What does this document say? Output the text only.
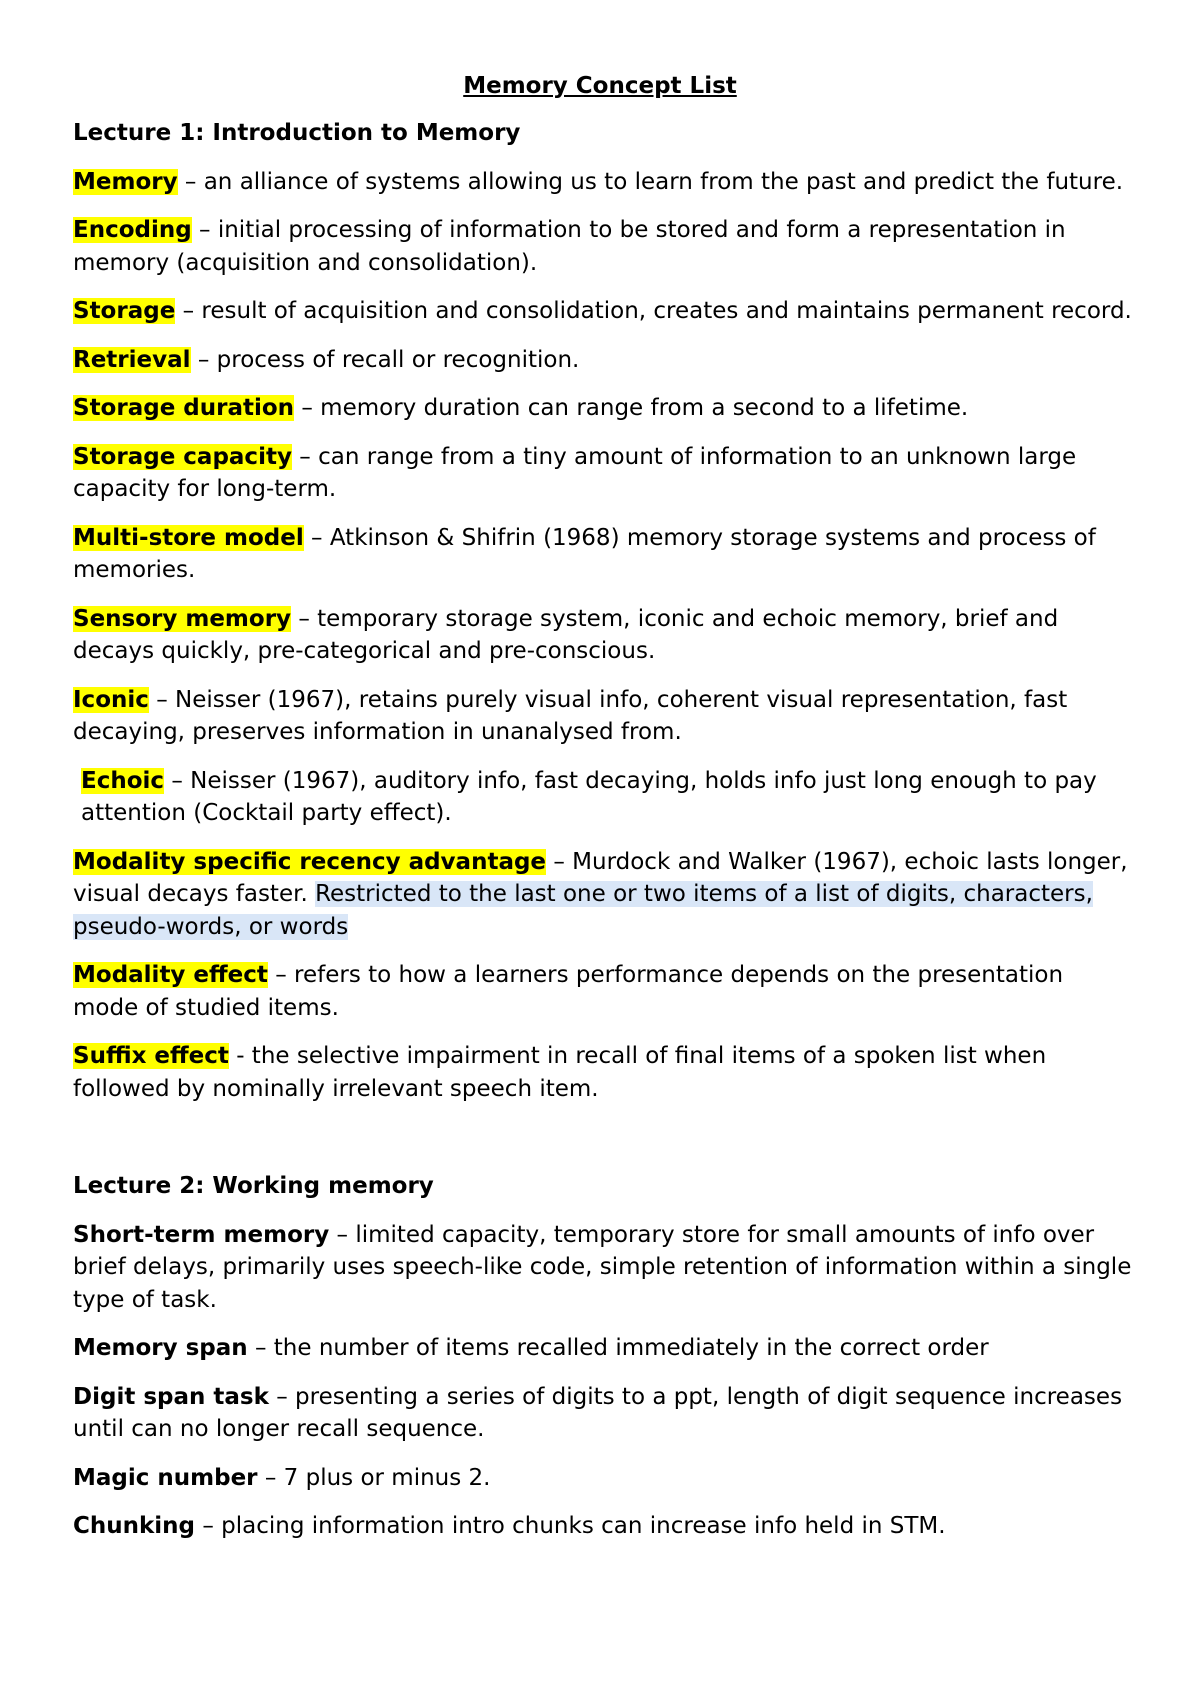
Memory Concept List
Lecture 1: Introduction to Memory
Memory – an alliance of systems allowing us to learn from the past and predict the future.
Encoding – initial processing of information to be stored and form a representation in memory (acquisition and consolidation).
Storage – result of acquisition and consolidation, creates and maintains permanent record.
Retrieval – process of recall or recognition.
Storage duration – memory duration can range from a second to a lifetime.
Storage capacity – can range from a tiny amount of information to an unknown large capacity for long-term.
Multi-store model – Atkinson & Shifrin (1968) memory storage systems and process of memories.
Sensory memory – temporary storage system, iconic and echoic memory, brief and decays quickly, pre-categorical and pre-conscious.
Iconic – Neisser (1967), retains purely visual info, coherent visual representation, fast decaying, preserves information in unanalysed from.
Echoic – Neisser (1967), auditory info, fast decaying, holds info just long enough to pay attention (Cocktail party effect).
Modality specific recency advantage – Murdock and Walker (1967), echoic lasts longer, visual decays faster. Restricted to the last one or two items of a list of digits, characters, pseudo-words, or words
Modality effect – refers to how a learners performance depends on the presentation mode of studied items.
Suffix effect - the selective impairment in recall of final items of a spoken list when followed by nominally irrelevant speech item.
Lecture 2: Working memory
Short-term memory – limited capacity, temporary store for small amounts of info over brief delays, primarily uses speech-like code, simple retention of information within a single type of task.
Memory span – the number of items recalled immediately in the correct order
Digit span task – presenting a series of digits to a ppt, length of digit sequence increases until can no longer recall sequence.
Magic number – 7 plus or minus 2.
Chunking – placing information intro chunks can increase info held in STM.
